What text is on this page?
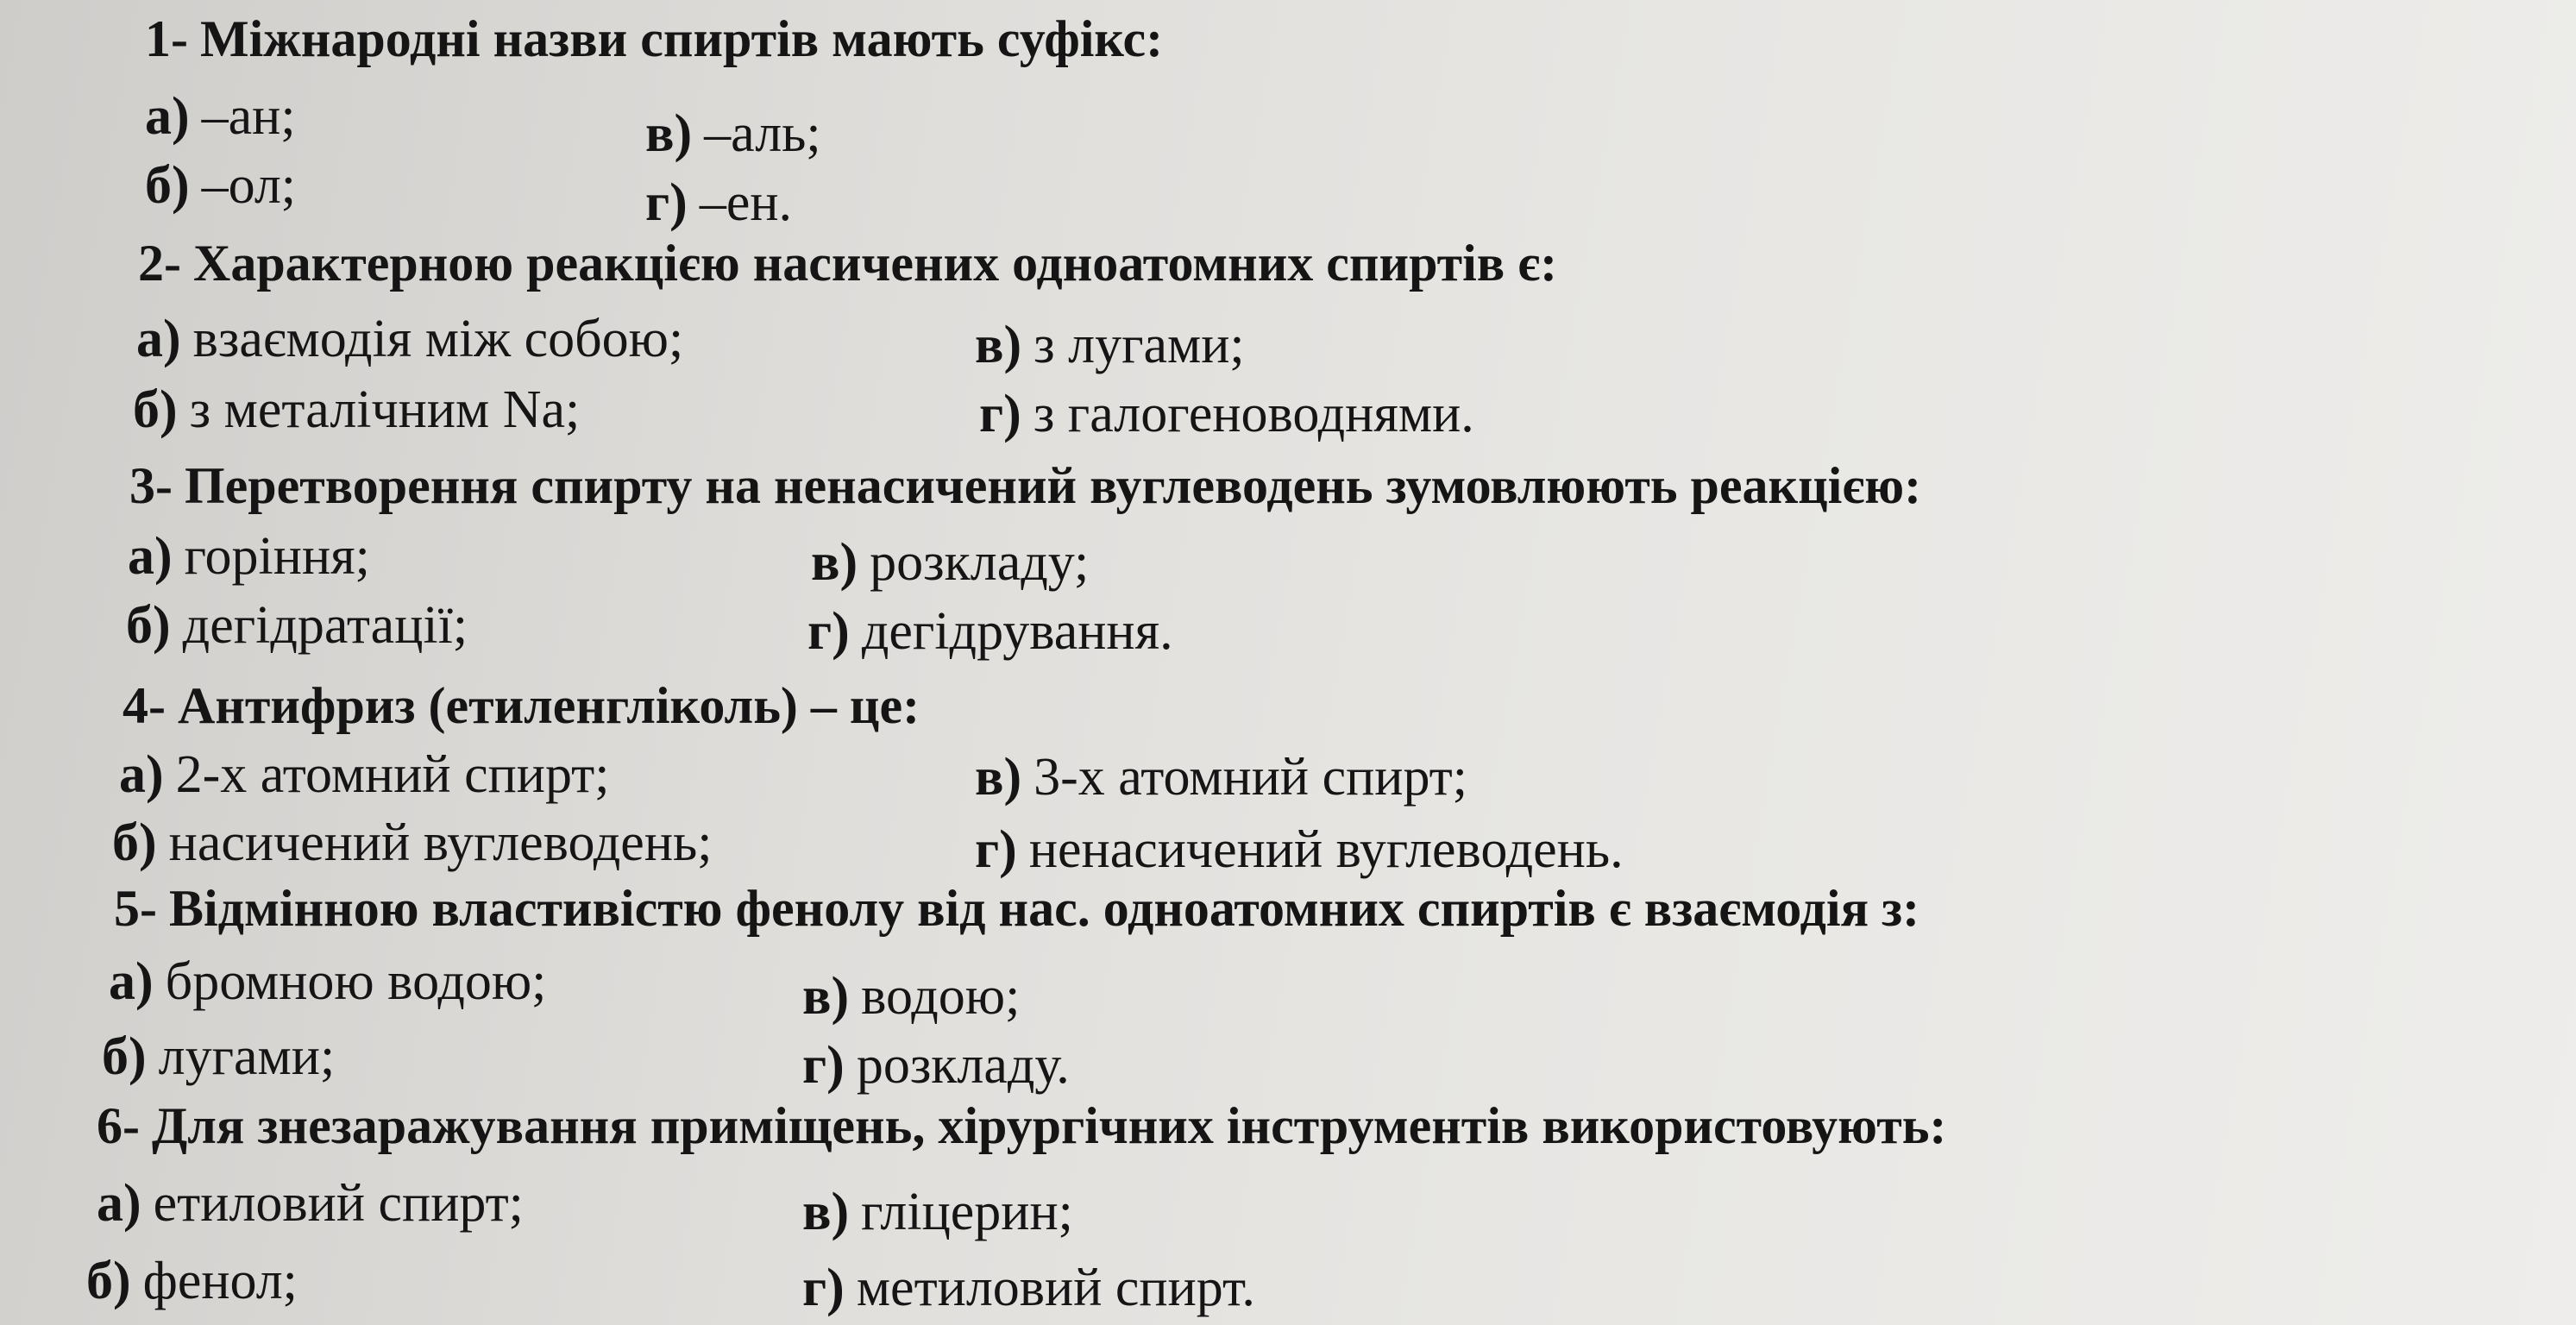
1- Міжнародні назви спиртів мають суфікс:
а) –ан;
б) –ол;
в) –аль;
г) –ен.
2- Характерною реакцією насичених одноатомних спиртів є:
а) взаємодія між собою;
б) з металічним Na;
в) з лугами;
г) з галогеноводнями.
3- Перетворення спирту на ненасичений вуглеводень зумовлюють реакцією:
а) горіння;
б) дегідратації;
в) розкладу;
г) дегідрування.
4- Антифриз (етиленгліколь) – це:
а) 2-х атомний спирт;
б) насичений вуглеводень;
в) 3-х атомний спирт;
г) ненасичений вуглеводень.
5- Відмінною властивістю фенолу від нас. одноатомних спиртів є взаємодія з:
а) бромною водою;
б) лугами;
в) водою;
г) розкладу.
6- Для знезаражування приміщень, хірургічних інструментів використовують:
а) етиловий спирт;
б) фенол;
в) гліцерин;
г) метиловий спирт.
